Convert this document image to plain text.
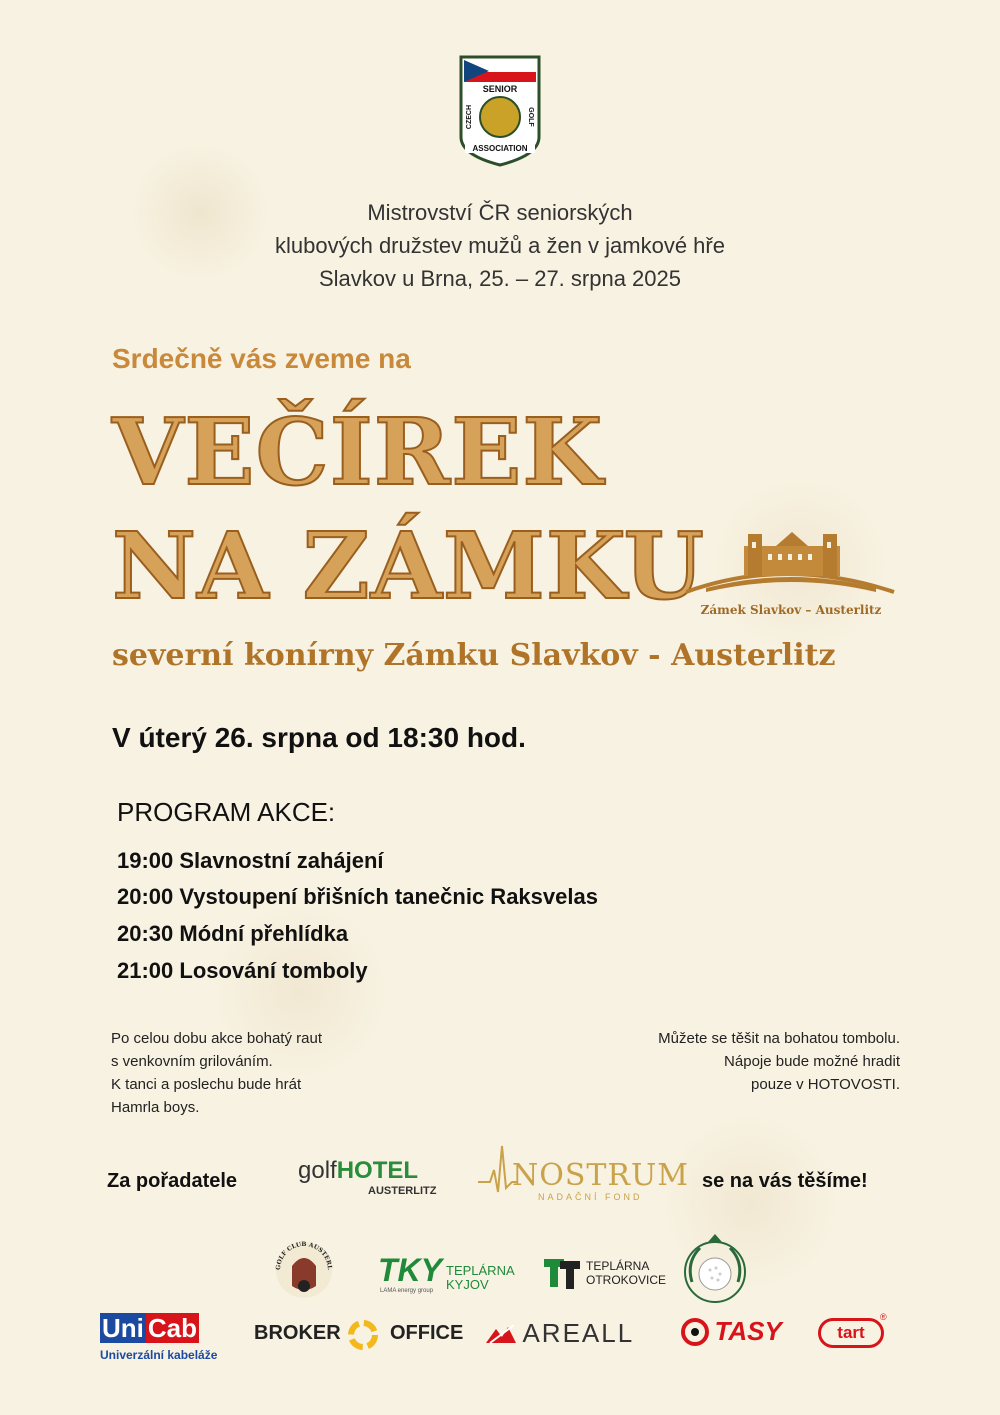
SENIOR
GOLF
CZECH
ASSOCIATION
Mistrovství ČR seniorských
klubových družstev mužů a žen v jamkové hře
Slavkov u Brna, 25. – 27. srpna 2025
Srdečně vás zveme na
VEČÍREK
NA ZÁMKU
Zámek Slavkov – Austerlitz
severní konírny Zámku Slavkov - Austerlitz
V úterý 26. srpna od 18:30 hod.
PROGRAM AKCE:
19:00 Slavnostní zahájení
20:00 Vystoupení břišních tanečnic Raksvelas
20:30 Módní přehlídka
21:00 Losování tomboly
Po celou dobu akce bohatý raut
s venkovním grilováním.
K tanci a poslechu bude hrát
Hamrla boys.
Můžete se těšit na bohatou tombolu.
Nápoje bude možné hradit
pouze v HOTOVOSTI.
Za pořadatele	golfHOTEL
AUSTERLITZ	NOSTRUM
NADAČNÍ FOND
se na vás těšíme!
GOLF CLUB AUSTERL TKY TEPLÁRNA
KYJOV
LAMA energy group
TEPLÁRNA
OTROKOVICE
Uni Cab
Univerzální kabeláže
BROKER OFFICE	AREALL	TASY	tart
®
